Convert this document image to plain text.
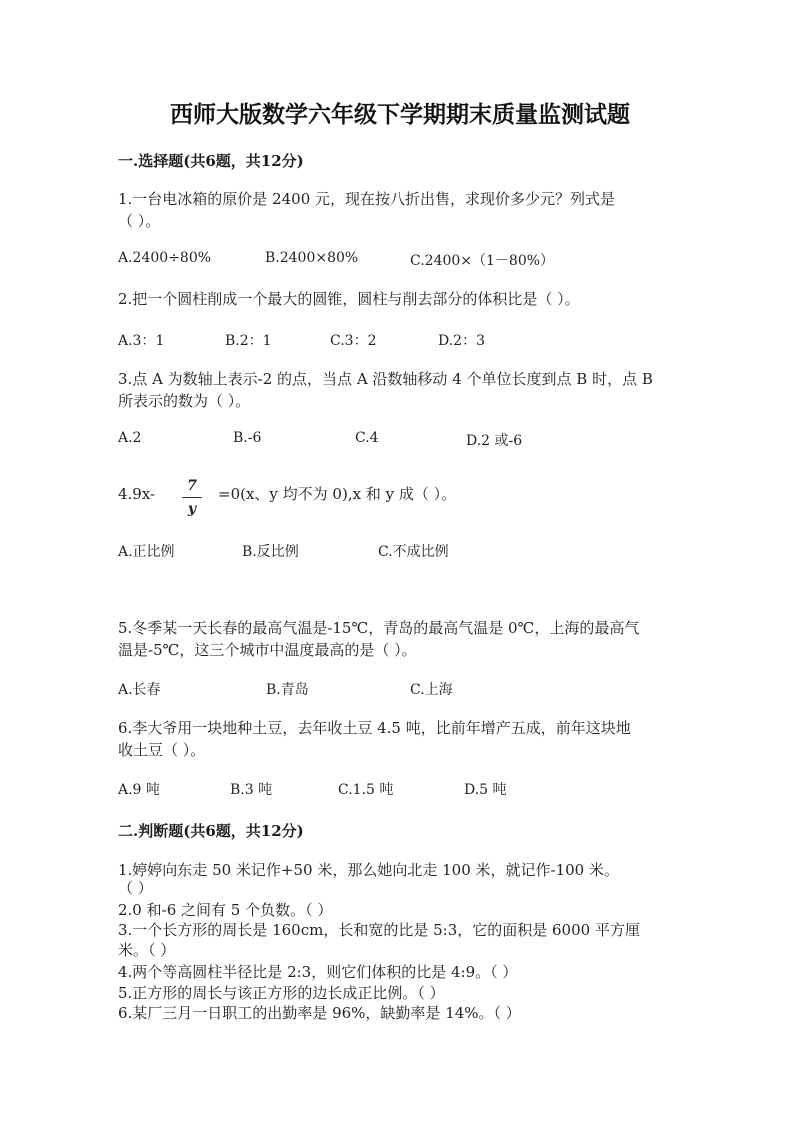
西师大版数学六年级下学期期末质量监测试题
一.选择题(共6题，共12分)
1.一台电冰箱的原价是 2400 元，现在按八折出售，求现价多少元？列式是
（ ）。
A.2400÷80%	B.2400×80%	C.2400×（1－80%）
2.把一个圆柱削成一个最大的圆锥，圆柱与削去部分的体积比是（ ）。
A.3：1	B.2：1	C.3：2	D.2：3
3.点 A 为数轴上表示-2 的点，当点 A 沿数轴移动 4 个单位长度到点 B 时，点 B
所表示的数为（ ）。
A.2	B.-6	C.4	D.2 或-6
4.9x-	7
y
=0(x、y 均不为 0),x 和 y 成（ ）。
A.正比例	B.反比例	C.不成比例
5.冬季某一天长春的最高气温是-15℃，青岛的最高气温是 0℃，上海的最高气
温是-5℃，这三个城市中温度最高的是（ ）。
A.长春	B.青岛	C.上海
6.李大爷用一块地种土豆，去年收土豆 4.5 吨，比前年增产五成，前年这块地
收土豆（ ）。
A.9 吨	B.3 吨	C.1.5 吨	D.5 吨
二.判断题(共6题，共12分)
1.婷婷向东走 50 米记作+50 米，那么她向北走 100 米，就记作-100 米。
（ ）
2.0 和-6 之间有 5 个负数。（ ）
3.一个长方形的周长是 160cm，长和宽的比是 5:3，它的面积是 6000 平方厘
米。（ ）
4.两个等高圆柱半径比是 2:3，则它们体积的比是 4:9。（ ）
5.正方形的周长与该正方形的边长成正比例。（ ）
6.某厂三月一日职工的出勤率是 96%，缺勤率是 14%。（ ）
